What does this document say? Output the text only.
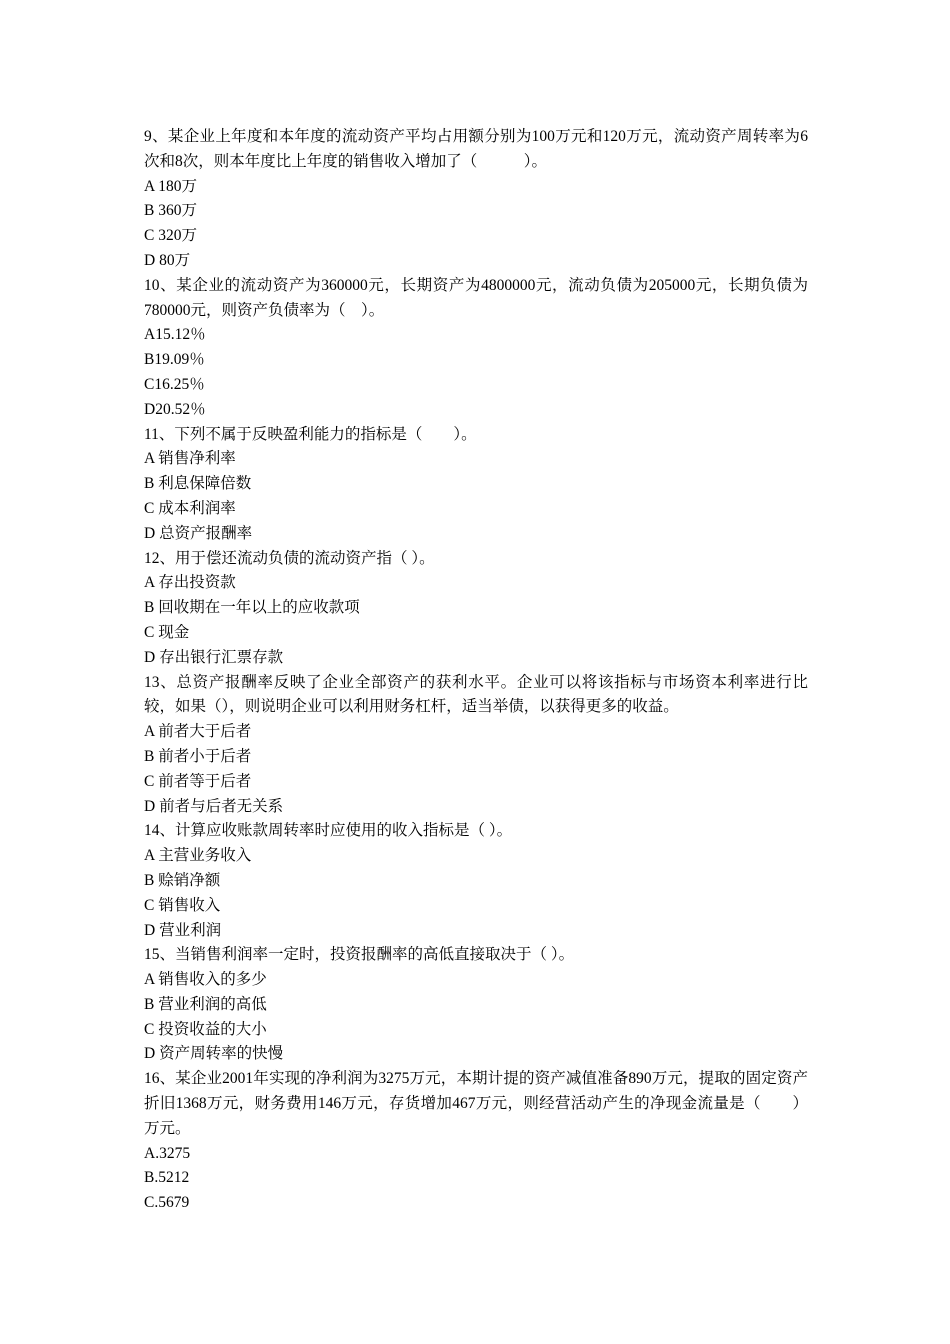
9、某企业上年度和本年度的流动资产平均占用额分别为100万元和120万元，流动资产周转率为6次和8次，则本年度比上年度的销售收入增加了（　　　）。

A 180万

B 360万

C 320万

D 80万

10、某企业的流动资产为360000元，长期资产为4800000元，流动负债为205000元，长期负债为780000元，则资产负债率为（　）。

A15.12％

B19.09％

C16.25％

D20.52％

11、下列不属于反映盈利能力的指标是（　　）。

A 销售净利率

B 利息保障倍数

C 成本利润率

D 总资产报酬率

12、用于偿还流动负债的流动资产指（ ）。

A 存出投资款

B 回收期在一年以上的应收款项

C 现金

D 存出银行汇票存款

13、总资产报酬率反映了企业全部资产的获利水平。企业可以将该指标与市场资本利率进行比较，如果（），则说明企业可以利用财务杠杆，适当举债，以获得更多的收益。

A 前者大于后者

B 前者小于后者

C 前者等于后者

D 前者与后者无关系

14、计算应收账款周转率时应使用的收入指标是（ ）。

A 主营业务收入

B 赊销净额

C 销售收入

D 营业利润

15、当销售利润率一定时，投资报酬率的高低直接取决于（ ）。

A 销售收入的多少

B 营业利润的高低

C 投资收益的大小

D 资产周转率的快慢

16、某企业2001年实现的净利润为3275万元，本期计提的资产减值准备890万元，提取的固定资产折旧1368万元，财务费用146万元，存货增加467万元，则经营活动产生的净现金流量是（　　）万元。

A.3275

B.5212

C.5679
